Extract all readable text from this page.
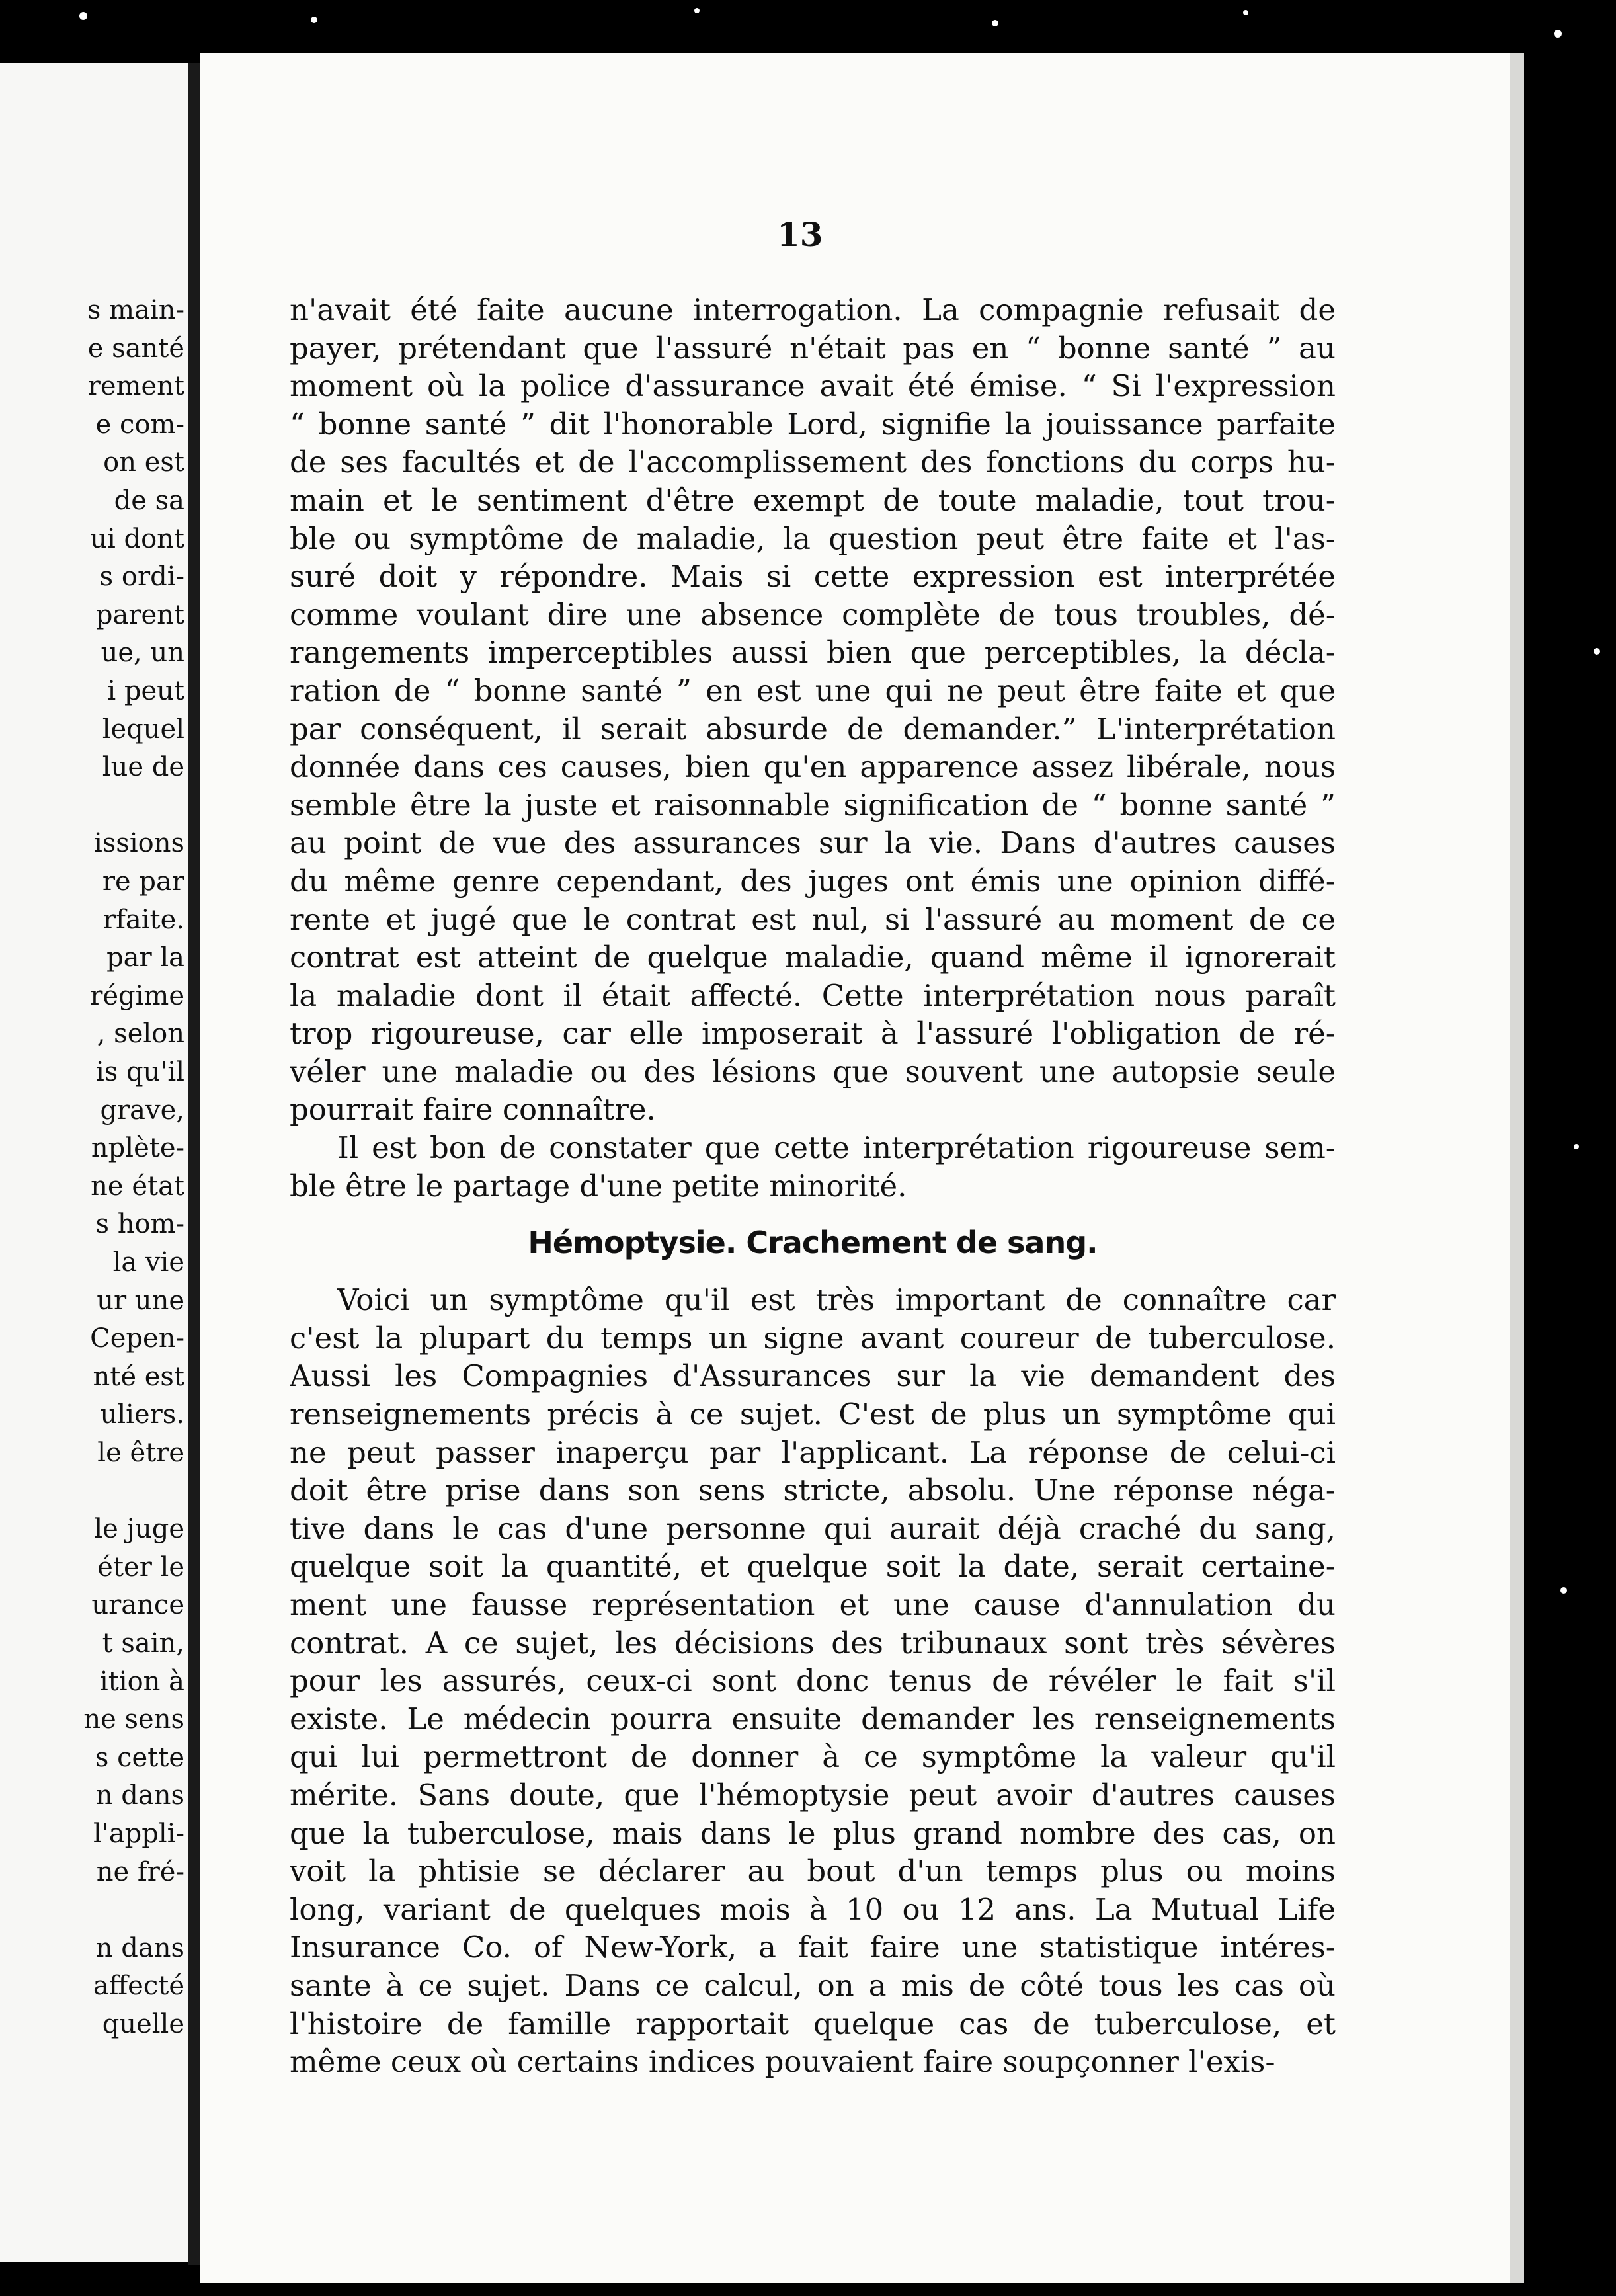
s main-
e santé
rement
e com-
on est
de sa
ui dont
s ordi-
parent
ue, un
i peut
lequel
lue de
issions
re par
rfaite.
par la
régime
, selon
is qu'il
grave,
nplète-
ne état
s hom-
la vie
ur une
Cepen-
nté est
uliers.
le être
le juge
éter le
urance
t sain,
ition à
ne sens
s cette
n dans
l'appli-
ne fré-
n dans
affecté
quelle
13
n'avait été faite aucune interrogation. La compagnie refusait de
payer, prétendant que l'assuré n'était pas en “ bonne santé ” au
moment où la police d'assurance avait été émise. “ Si l'expression
“ bonne santé ” dit l'honorable Lord, signifie la jouissance parfaite
de ses facultés et de l'accomplissement des fonctions du corps hu-
main et le sentiment d'être exempt de toute maladie, tout trou-
ble ou symptôme de maladie, la question peut être faite et l'as-
suré doit y répondre. Mais si cette expression est interprétée
comme voulant dire une absence complète de tous troubles, dé-
rangements imperceptibles aussi bien que perceptibles, la décla-
ration de “ bonne santé ” en est une qui ne peut être faite et que
par conséquent, il serait absurde de demander.” L'interprétation
donnée dans ces causes, bien qu'en apparence assez libérale, nous
semble être la juste et raisonnable signification de “ bonne santé ”
au point de vue des assurances sur la vie. Dans d'autres causes
du même genre cependant, des juges ont émis une opinion diffé-
rente et jugé que le contrat est nul, si l'assuré au moment de ce
contrat est atteint de quelque maladie, quand même il ignorerait
la maladie dont il était affecté. Cette interprétation nous paraît
trop rigoureuse, car elle imposerait à l'assuré l'obligation de ré-
véler une maladie ou des lésions que souvent une autopsie seule
pourrait faire connaître.
Il est bon de constater que cette interprétation rigoureuse sem-
ble être le partage d'une petite minorité.
Hémoptysie. Crachement de sang.
Voici un symptôme qu'il est très important de connaître car
c'est la plupart du temps un signe avant coureur de tuberculose.
Aussi les Compagnies d'Assurances sur la vie demandent des
renseignements précis à ce sujet. C'est de plus un symptôme qui
ne peut passer inaperçu par l'applicant. La réponse de celui-ci
doit être prise dans son sens stricte, absolu. Une réponse néga-
tive dans le cas d'une personne qui aurait déjà craché du sang,
quelque soit la quantité, et quelque soit la date, serait certaine-
ment une fausse représentation et une cause d'annulation du
contrat. A ce sujet, les décisions des tribunaux sont très sévères
pour les assurés, ceux-ci sont donc tenus de révéler le fait s'il
existe. Le médecin pourra ensuite demander les renseignements
qui lui permettront de donner à ce symptôme la valeur qu'il
mérite. Sans doute, que l'hémoptysie peut avoir d'autres causes
que la tuberculose, mais dans le plus grand nombre des cas, on
voit la phtisie se déclarer au bout d'un temps plus ou moins
long, variant de quelques mois à 10 ou 12 ans. La Mutual Life
Insurance Co. of New-York, a fait faire une statistique intéres-
sante à ce sujet. Dans ce calcul, on a mis de côté tous les cas où
l'histoire de famille rapportait quelque cas de tuberculose, et
même ceux où certains indices pouvaient faire soupçonner l'exis-
